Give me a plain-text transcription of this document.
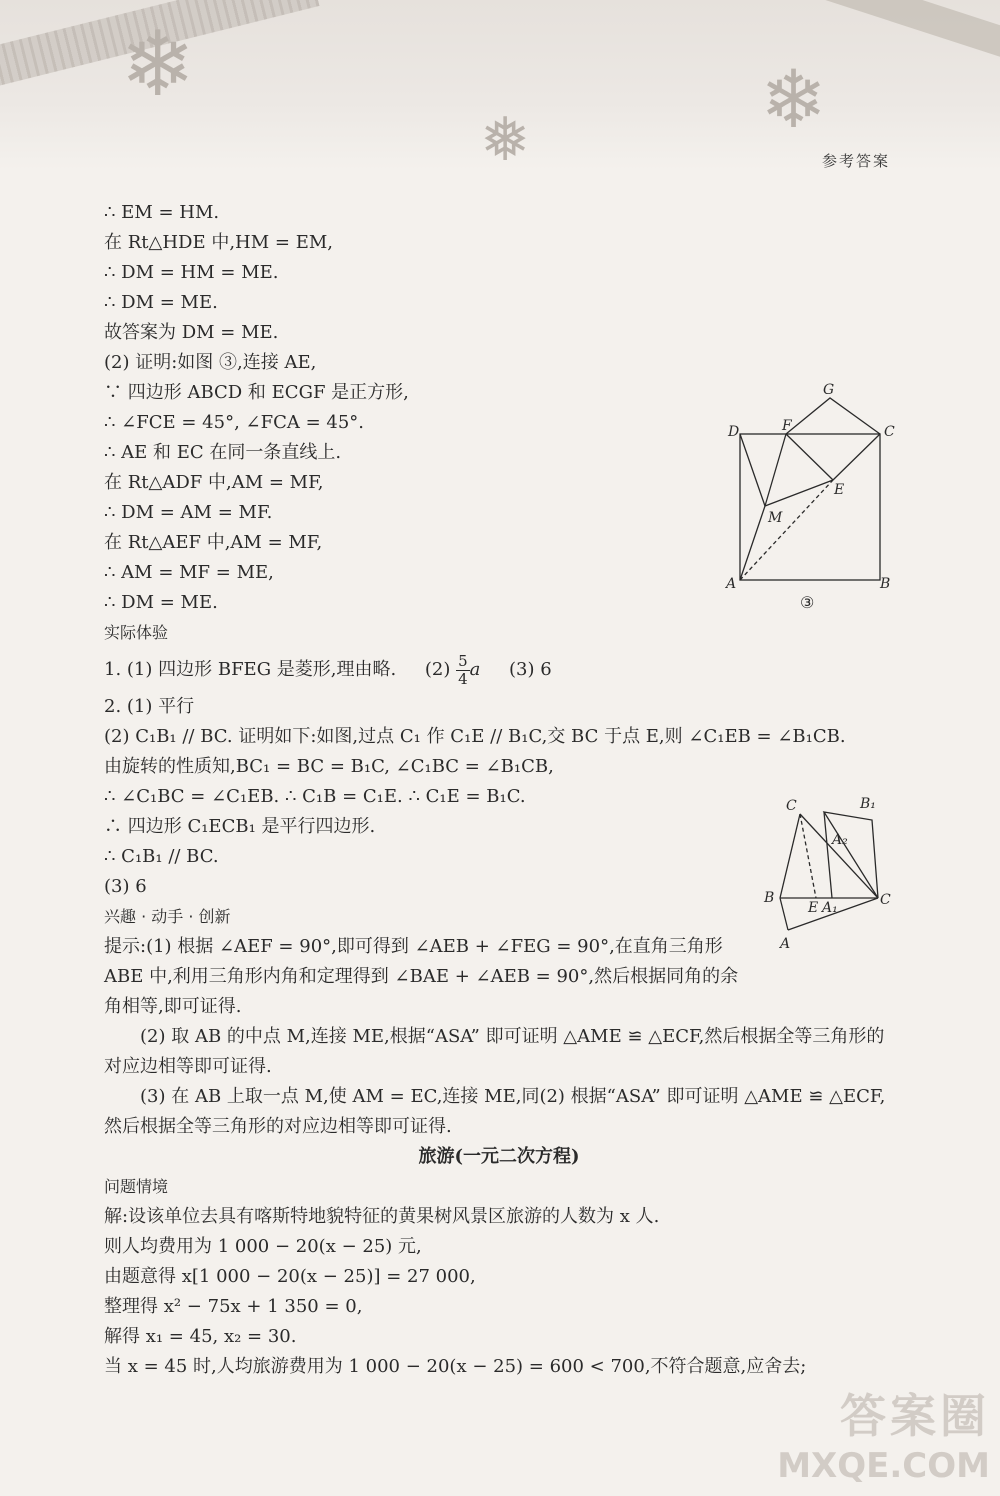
❄	❄
❅	参考答案
∴ EM = HM.
在 Rt△HDE 中,HM = EM,
∴ DM = HM = ME.
∴ DM = ME.
故答案为 DM = ME.
(2) 证明:如图 ③,连接 AE,
∵ 四边形 ABCD 和 ECGF 是正方形,
∴ ∠FCE = 45°, ∠FCA = 45°.
∴ AE 和 EC 在同一条直线上.
在 Rt△ADF 中,AM = MF,
∴ DM = AM = MF.
在 Rt△AEF 中,AM = MF,
∴ AM = MF = ME,
∴ DM = ME.
实际体验
1. (1) 四边形 BFEG 是菱形,理由略. $(2) \frac{5}{4}$ a (3) 6
2. (1) 平行
(2) C₁B₁ // BC. 证明如下:如图,过点 C₁ 作 C₁E // B₁C,交 BC 于点 E,则 ∠C₁EB = ∠B₁CB.
由旋转的性质知,BC₁ = BC = B₁C, ∠C₁BC = ∠B₁CB,
∴ ∠C₁BC = ∠C₁EB. ∴ C₁B = C₁E. ∴ C₁E = B₁C.
∴ 四边形 C₁ECB₁ 是平行四边形.
∴ C₁B₁ // BC.
(3) 6
兴趣 · 动手 · 创新

提示:(1) 根据 ∠AEF = 90°,即可得到 ∠AEB + ∠FEG = 90°,在直角三角形 ABE 中,利用三角形内角和定理得到 ∠BAE + ∠AEB = 90°,然后根据同角的余角相等,即可证得.

(2) 取 AB 的中点 M,连接 ME,根据“ASA” 即可证明 △AME ≌ △ECF,然后根据全等三角形的对应边相等即可证得.

(3) 在 AB 上取一点 M,使 AM = EC,连接 ME,同(2) 根据“ASA” 即可证明 △AME ≌ △ECF,然后根据全等三角形的对应边相等即可证得.

旅游(一元二次方程)
问题情境
解:设该单位去具有喀斯特地貌特征的黄果树风景区旅游的人数为 x 人.
则人均费用为 1 000 − 20(x − 25) 元,
由题意得 x[1 000 − 20(x − 25)] = 27 000,
整理得 x² − 75x + 1 350 = 0,
解得 x₁ = 45, x₂ = 30.
当 x = 45 时,人均旅游费用为 1 000 − 20(x − 25) = 600 < 700,不符合题意,应舍去;
G
D	F	C
E
M
A	B
③
C	B₁
A₂
B
E A₁	C
A
答案圈
MXQE.COM
